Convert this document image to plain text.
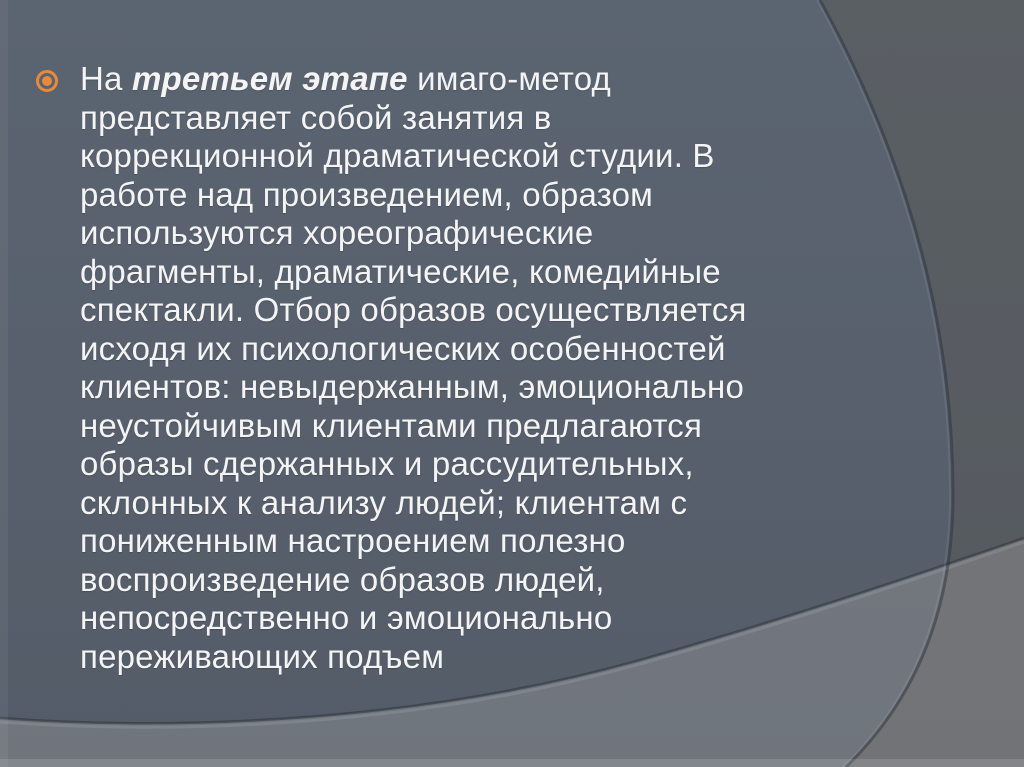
На третьем этапе имаго-метод
представляет собой занятия в
коррекционной драматической студии. В
работе над произведением, образом
используются хореографические
фрагменты, драматические, комедийные
спектакли. Отбор образов осуществляется
исходя их психологических особенностей
клиентов: невыдержанным, эмоционально
неустойчивым клиентами предлагаются
образы сдержанных и рассудительных,
склонных к анализу людей; клиентам с
пониженным настроением полезно
воспроизведение образов людей,
непосредственно и эмоционально
переживающих подъем
